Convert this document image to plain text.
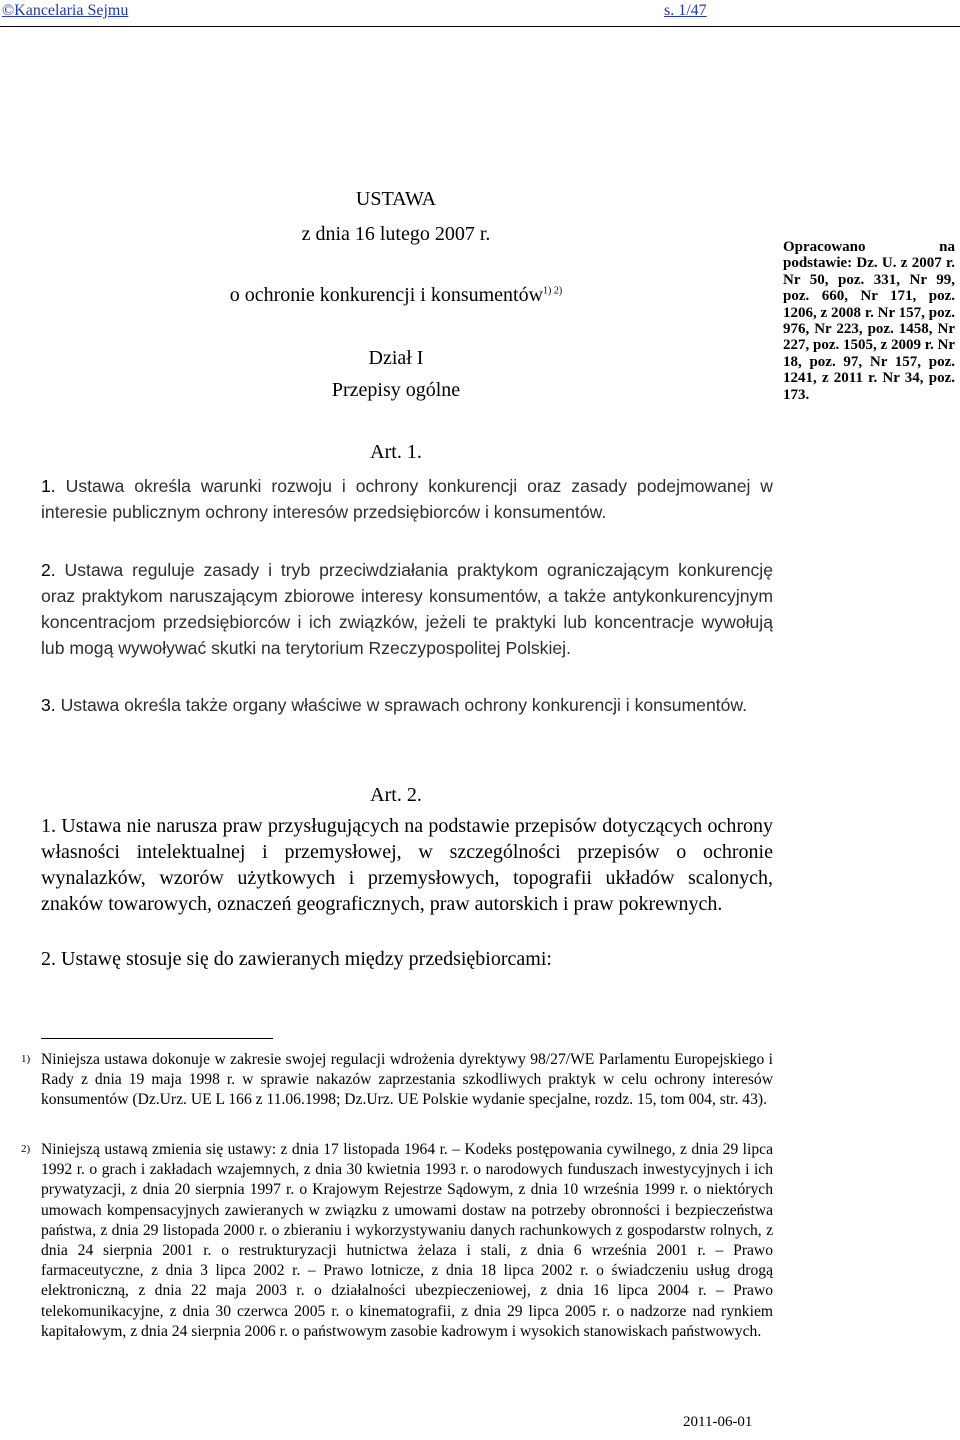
©Kancelaria Sejmu	s. 1/47
USTAWA
z dnia 16 lutego 2007 r.
o ochronie konkurencji i konsumentów$^{1) 2)}$
Dział I
Przepisy ogólne
Opracowano na podstawie: Dz. U. z 2007 r. Nr 50, poz. 331, Nr 99, poz. 660, Nr 171, poz. 1206, z 2008 r. Nr 157, poz. 976, Nr 223, poz. 1458, Nr 227, poz. 1505, z 2009 r. Nr 18, poz. 97, Nr 157, poz. 1241, z 2011 r. Nr 34, poz. 173.
Art. 1.

1. Ustawa określa warunki rozwoju i ochrony konkurencji oraz zasady podejmowanej w interesie publicznym ochrony interesów przedsiębiorców i konsumentów.

2. Ustawa reguluje zasady i tryb przeciwdziałania praktykom ograniczającym konkurencję oraz praktykom naruszającym zbiorowe interesy konsumentów, a także antykonkurencyjnym koncentracjom przedsiębiorców i ich związków, jeżeli te praktyki lub koncentracje wywołują lub mogą wywoływać skutki na terytorium Rzeczypospolitej Polskiej.

3. Ustawa określa także organy właściwe w sprawach ochrony konkurencji i konsumentów.

Art. 2.

1. Ustawa nie narusza praw przysługujących na podstawie przepisów dotyczących ochrony własności intelektualnej i przemysłowej, w szczególności przepisów o ochronie wynalazków, wzorów użytkowych i przemysłowych, topografii układów scalonych, znaków towarowych, oznaczeń geograficznych, praw autorskich i praw pokrewnych.

2. Ustawę stosuje się do zawieranych między przedsiębiorcami:

1) Niniejsza ustawa dokonuje w zakresie swojej regulacji wdrożenia dyrektywy 98/27/WE Parlamentu Europejskiego i Rady z dnia 19 maja 1998 r. w sprawie nakazów zaprzestania szkodliwych praktyk w celu ochrony interesów konsumentów (Dz.Urz. UE L 166 z 11.06.1998; Dz.Urz. UE Polskie wydanie specjalne, rozdz. 15, tom 004, str. 43).

2) Niniejszą ustawą zmienia się ustawy: z dnia 17 listopada 1964 r. – Kodeks postępowania cywilnego, z dnia 29 lipca 1992 r. o grach i zakładach wzajemnych, z dnia 30 kwietnia 1993 r. o narodowych funduszach inwestycyjnych i ich prywatyzacji, z dnia 20 sierpnia 1997 r. o Krajowym Rejestrze Sądowym, z dnia 10 września 1999 r. o niektórych umowach kompensacyjnych zawieranych w związku z umowami dostaw na potrzeby obronności i bezpieczeństwa państwa, z dnia 29 listopada 2000 r. o zbieraniu i wykorzystywaniu danych rachunkowych z gospodarstw rolnych, z dnia 24 sierpnia 2001 r. o restrukturyzacji hutnictwa żelaza i stali, z dnia 6 września 2001 r. – Prawo farmaceutyczne, z dnia 3 lipca 2002 r. – Prawo lotnicze, z dnia 18 lipca 2002 r. o świadczeniu usług drogą elektroniczną, z dnia 22 maja 2003 r. o działalności ubezpieczeniowej, z dnia 16 lipca 2004 r. – Prawo telekomunikacyjne, z dnia 30 czerwca 2005 r. o kinematografii, z dnia 29 lipca 2005 r. o nadzorze nad rynkiem kapitałowym, z dnia 24 sierpnia 2006 r. o państwowym zasobie kadrowym i wysokich stanowiskach państwowych.

2011-06-01
